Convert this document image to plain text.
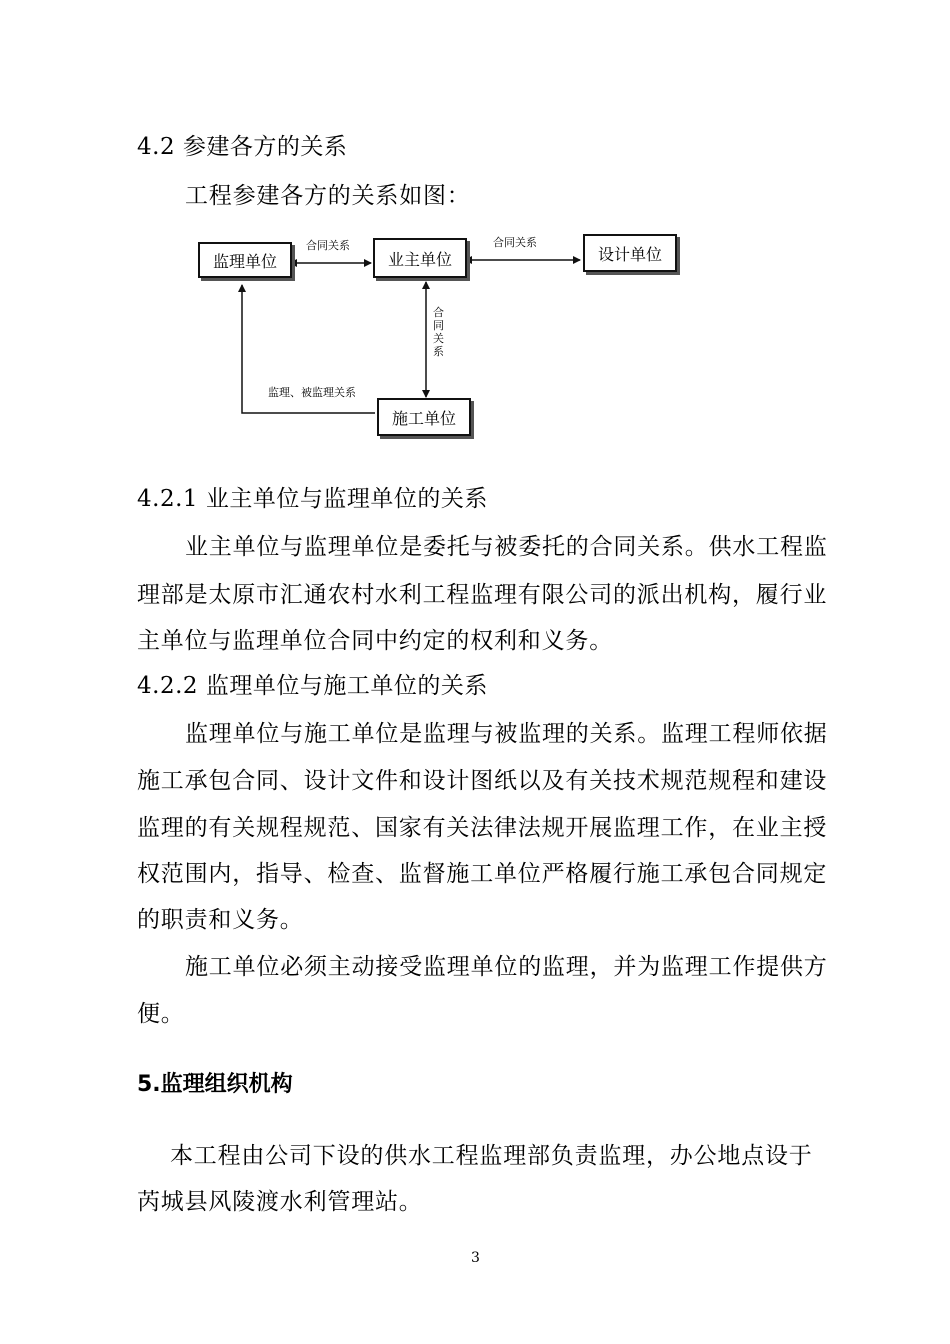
4.2 参建各方的关系
工程参建各方的关系如图：
监理单位	业主单位	设计单位
施工单位
合同关系	合同关系
合同关系
监理、被监理关系
4.2.1 业主单位与监理单位的关系
业主单位与监理单位是委托与被委托的合同关系。供水工程监
理部是太原市汇通农村水利工程监理有限公司的派出机构，履行业
主单位与监理单位合同中约定的权利和义务。
4.2.2 监理单位与施工单位的关系
监理单位与施工单位是监理与被监理的关系。监理工程师依据
施工承包合同、设计文件和设计图纸以及有关技术规范规程和建设
监理的有关规程规范、国家有关法律法规开展监理工作，在业主授
权范围内，指导、检查、监督施工单位严格履行施工承包合同规定
的职责和义务。
施工单位必须主动接受监理单位的监理，并为监理工作提供方
便。
5.监理组织机构
本工程由公司下设的供水工程监理部负责监理，办公地点设于
芮城县风陵渡水利管理站。
3
